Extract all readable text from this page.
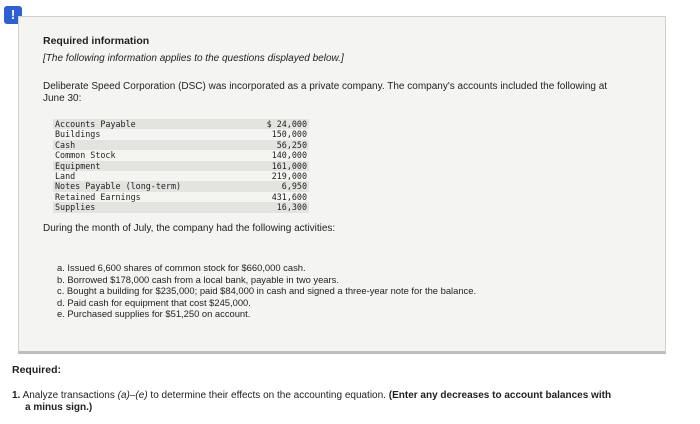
!
Required information
[The following information applies to the questions displayed below.]
Deliberate Speed Corporation (DSC) was incorporated as a private company. The company's accounts included the following at June 30:
Accounts Payable	$ 24,000
Buildings	150,000
Cash	56,250
Common Stock	140,000
Equipment	161,000
Land	219,000
Notes Payable (long-term)	6,950
Retained Earnings	431,600
Supplies	16,300
During the month of July, the company had the following activities:
a. Issued 6,600 shares of common stock for $660,000 cash.
b. Borrowed $178,000 cash from a local bank, payable in two years.
c. Bought a building for $235,000; paid $84,000 in cash and signed a three-year note for the balance.
d. Paid cash for equipment that cost $245,000.
e. Purchased supplies for $51,250 on account.
Required:
1. Analyze transactions (a)–(e) to determine their effects on the accounting equation. (Enter any decreases to account balances with
a minus sign.)
